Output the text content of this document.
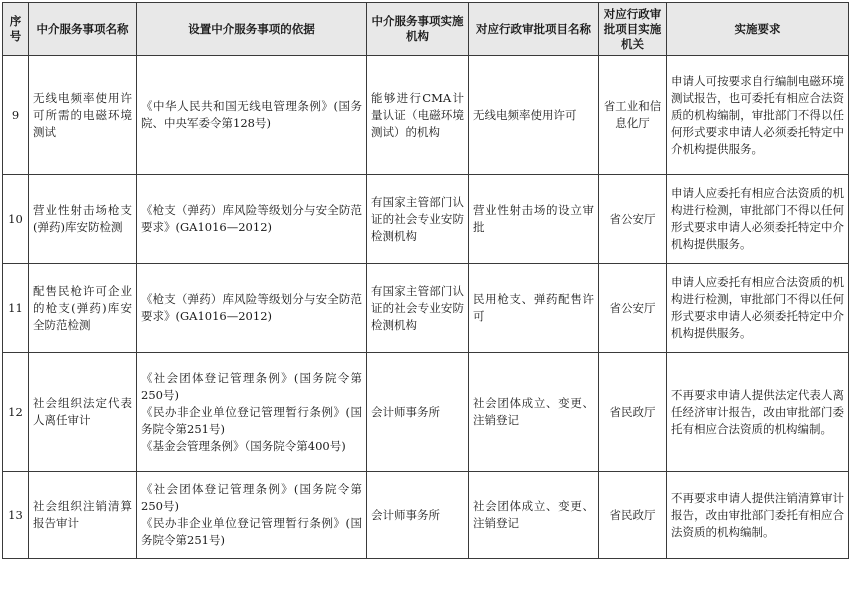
序号	中介服务事项名称	设置中介服务事项的依据	中介服务事项实施机构	对应行政审批项目名称	对应行政审批项目实施机关	实施要求
9	无线电频率使用许可所需的电磁环境测试	《中华人民共和国无线电管理条例》(国务院、中央军委令第128号)	能够进行CMA计量认证（电磁环境测试）的机构	无线电频率使用许可	省工业和信息化厅	申请人可按要求自行编制电磁环境测试报告，也可委托有相应合法资质的机构编制，审批部门不得以任何形式要求申请人必须委托特定中介机构提供服务。
10	营业性射击场枪支(弹药)库安防检测	《枪支（弹药）库风险等级划分与安全防范要求》(GA1016—2012)	有国家主管部门认证的社会专业安防检测机构	营业性射击场的设立审批	省公安厅	申请人应委托有相应合法资质的机构进行检测，审批部门不得以任何形式要求申请人必须委托特定中介机构提供服务。
11	配售民枪许可企业的枪支(弹药)库安全防范检测	《枪支（弹药）库风险等级划分与安全防范要求》(GA1016—2012)	有国家主管部门认证的社会专业安防检测机构	民用枪支、弹药配售许可	省公安厅	申请人应委托有相应合法资质的机构进行检测，审批部门不得以任何形式要求申请人必须委托特定中介机构提供服务。
12	社会组织法定代表人离任审计	《社会团体登记管理条例》(国务院令第250号)
《民办非企业单位登记管理暂行条例》(国务院令第251号)
《基金会管理条例》（国务院令第400号)	会计师事务所	社会团体成立、变更、注销登记	省民政厅	不再要求申请人提供法定代表人离任经济审计报告，改由审批部门委托有相应合法资质的机构编制。
13	社会组织注销清算报告审计	《社会团体登记管理条例》(国务院令第250号)
《民办非企业单位登记管理暂行条例》(国务院令第251号)	会计师事务所	社会团体成立、变更、注销登记	省民政厅	不再要求申请人提供注销清算审计报告，改由审批部门委托有相应合法资质的机构编制。
